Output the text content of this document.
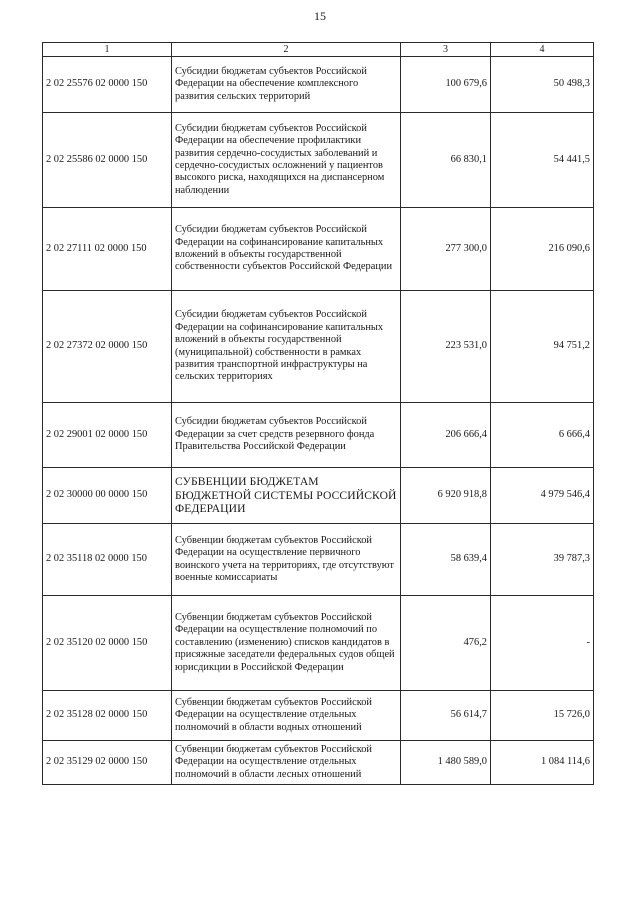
15
1	2	3	4
2 02 25576 02 0000 150	Субсидии бюджетам субъектов Российской Федерации на обеспечение комплексного развития сельских территорий	100 679,6	50 498,3
2 02 25586 02 0000 150	Субсидии бюджетам субъектов Российской Федерации на обеспечение профилактики развития сердечно-сосудистых заболеваний и сердечно-сосудистых осложнений у пациентов высокого риска, находящихся на диспансерном наблюдении	66 830,1	54 441,5
2 02 27111 02 0000 150	Субсидии бюджетам субъектов Российской Федерации на софинансирование капитальных вложений в объекты государственной собственности субъектов Российской Федерации	277 300,0	216 090,6
2 02 27372 02 0000 150	Субсидии бюджетам субъектов Российской Федерации на софинансирование капитальных вложений в объекты государственной (муниципальной) собственности в рамках развития транспортной инфраструктуры на сельских территориях	223 531,0	94 751,2
2 02 29001 02 0000 150	Субсидии бюджетам субъектов Российской Федерации за счет средств резервного фонда Правительства Российской Федерации	206 666,4	6 666,4
2 02 30000 00 0000 150	СУБВЕНЦИИ БЮДЖЕТАМ БЮДЖЕТНОЙ СИСТЕМЫ РОССИЙСКОЙ ФЕДЕРАЦИИ	6 920 918,8	4 979 546,4
2 02 35118 02 0000 150	Субвенции бюджетам субъектов Российской Федерации на осуществление первичного воинского учета на территориях, где отсутствуют военные комиссариаты	58 639,4	39 787,3
2 02 35120 02 0000 150	Субвенции бюджетам субъектов Российской Федерации на осуществление полномочий по составлению (изменению) списков кандидатов в присяжные заседатели федеральных судов общей юрисдикции в Российской Федерации	476,2	-
2 02 35128 02 0000 150	Субвенции бюджетам субъектов Российской Федерации на осуществление отдельных полномочий в области водных отношений	56 614,7	15 726,0
2 02 35129 02 0000 150	Субвенции бюджетам субъектов Российской Федерации на осуществление отдельных полномочий в области лесных отношений	1 480 589,0	1 084 114,6
